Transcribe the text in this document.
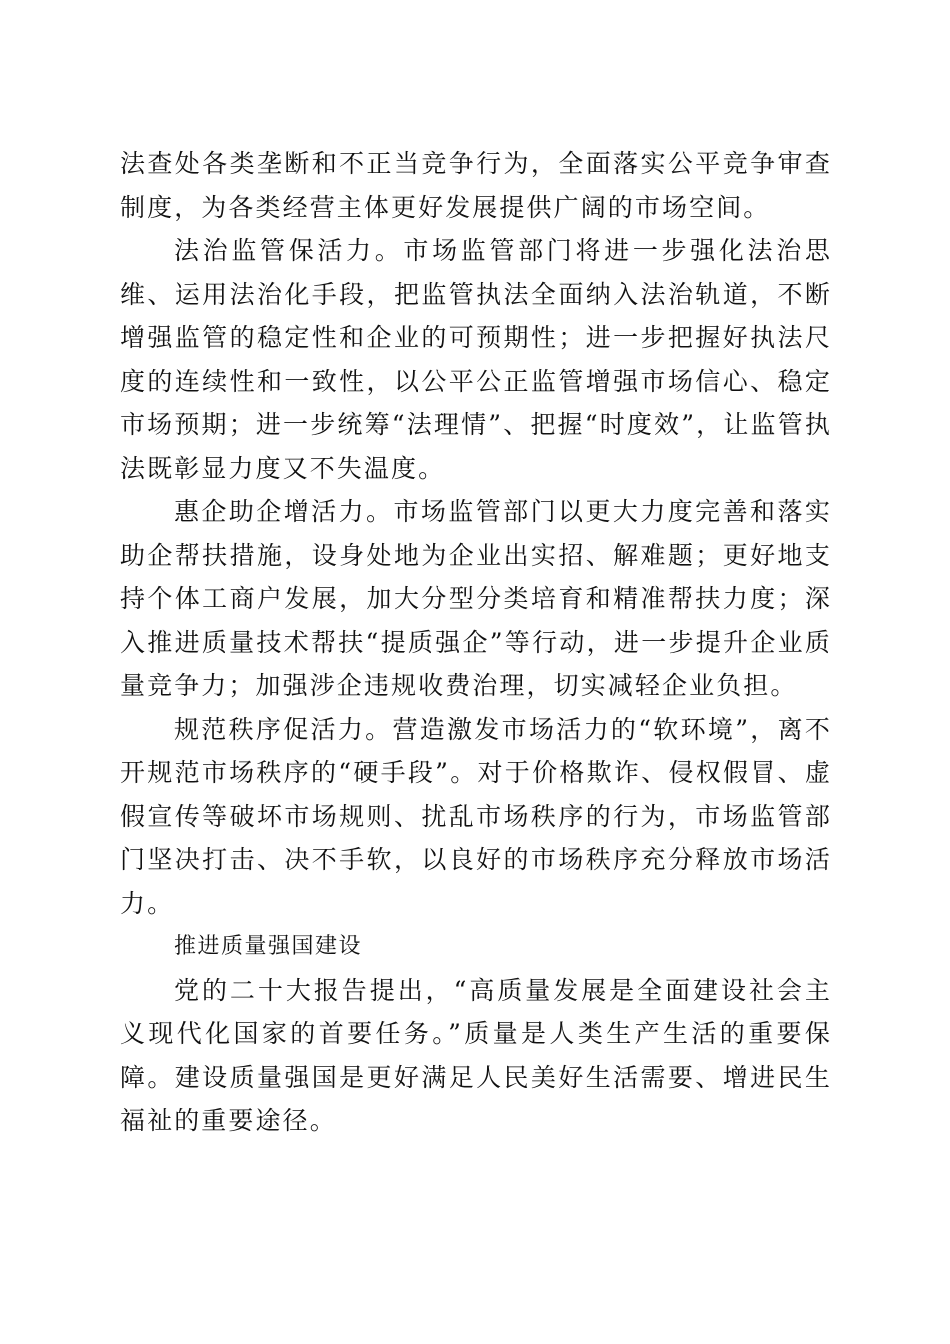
法查处各类垄断和不正当竞争行为，全面落实公平竞争审查制度，为各类经营主体更好发展提供广阔的市场空间。

法治监管保活力。市场监管部门将进一步强化法治思维、运用法治化手段，把监管执法全面纳入法治轨道，不断增强监管的稳定性和企业的可预期性；进一步把握好执法尺度的连续性和一致性，以公平公正监管增强市场信心、稳定市场预期；进一步统筹“法理情”、把握“时度效”，让监管执法既彰显力度又不失温度。

惠企助企增活力。市场监管部门以更大力度完善和落实助企帮扶措施，设身处地为企业出实招、解难题；更好地支持个体工商户发展，加大分型分类培育和精准帮扶力度；深入推进质量技术帮扶“提质强企”等行动，进一步提升企业质量竞争力；加强涉企违规收费治理，切实减轻企业负担。

规范秩序促活力。营造激发市场活力的“软环境”，离不开规范市场秩序的“硬手段”。对于价格欺诈、侵权假冒、虚假宣传等破坏市场规则、扰乱市场秩序的行为，市场监管部门坚决打击、决不手软，以良好的市场秩序充分释放市场活力。

推进质量强国建设

党的二十大报告提出，“高质量发展是全面建设社会主义现代化国家的首要任务。”质量是人类生产生活的重要保障。建设质量强国是更好满足人民美好生活需要、增进民生福祉的重要途径。
